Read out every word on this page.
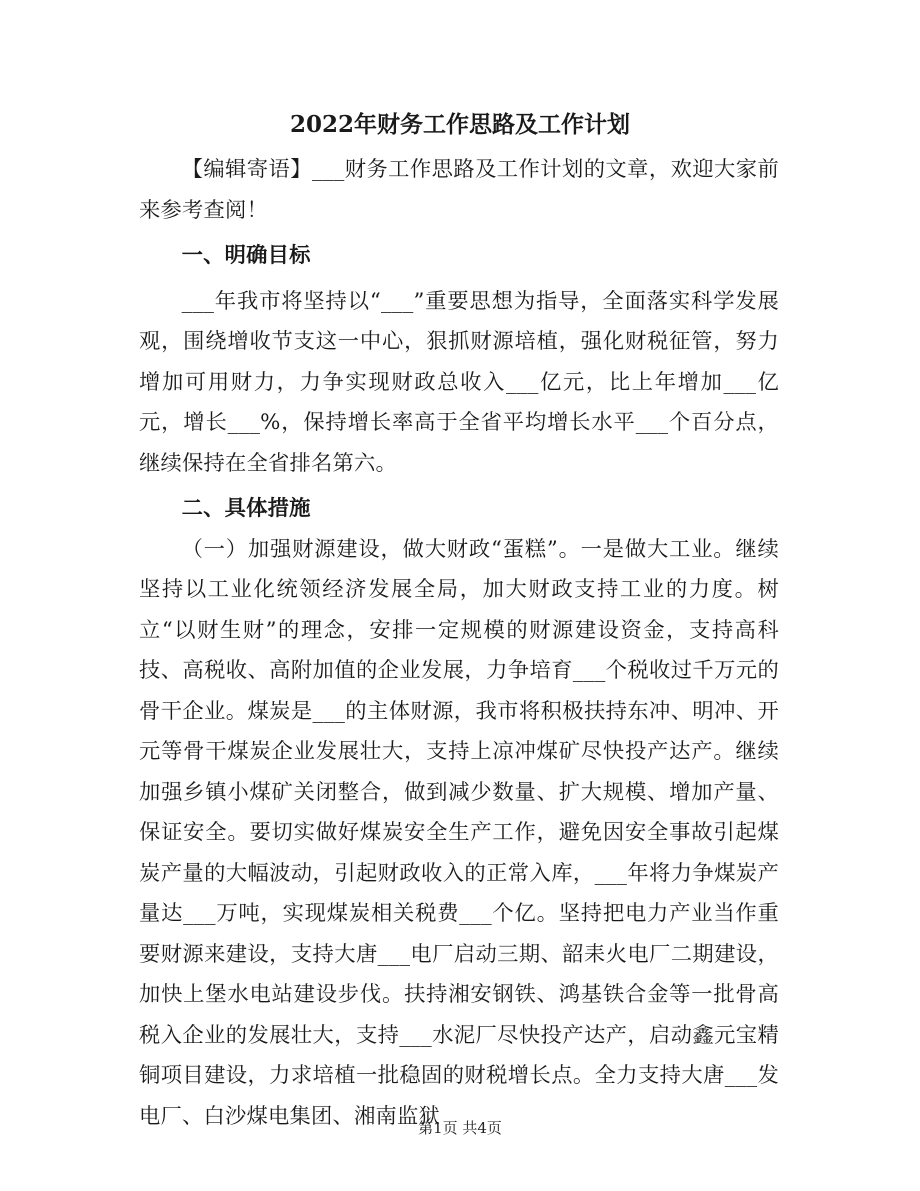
2022年财务工作思路及工作计划

【编辑寄语】___财务工作思路及工作计划的文章，欢迎大家前来参考查阅！

一、明确目标

___年我市将坚持以“___”重要思想为指导，全面落实科学发展观，围绕增收节支这一中心，狠抓财源培植，强化财税征管，努力增加可用财力，力争实现财政总收入___亿元，比上年增加___亿元，增长___%，保持增长率高于全省平均增长水平___个百分点，继续保持在全省排名第六。

二、具体措施

（一）加强财源建设，做大财政“蛋糕”。一是做大工业。继续坚持以工业化统领经济发展全局，加大财政支持工业的力度。树立“以财生财”的理念，安排一定规模的财源建设资金，支持高科技、高税收、高附加值的企业发展，力争培育___个税收过千万元的骨干企业。煤炭是___的主体财源，我市将积极扶持东冲、明冲、开元等骨干煤炭企业发展壮大，支持上凉冲煤矿尽快投产达产。继续加强乡镇小煤矿关闭整合，做到减少数量、扩大规模、增加产量、保证安全。要切实做好煤炭安全生产工作，避免因安全事故引起煤炭产量的大幅波动，引起财政收入的正常入库，___年将力争煤炭产量达___万吨，实现煤炭相关税费___个亿。坚持把电力产业当作重要财源来建设，支持大唐___电厂启动三期、韶耒火电厂二期建设，加快上堡水电站建设步伐。扶持湘安钢铁、鸿基铁合金等一批骨高税入企业的发展壮大，支持___水泥厂尽快投产达产，启动鑫元宝精铜项目建设，力求培植一批稳固的财税增长点。全力支持大唐___发电厂、白沙煤电集团、湘南监狱

第1页 共4页
